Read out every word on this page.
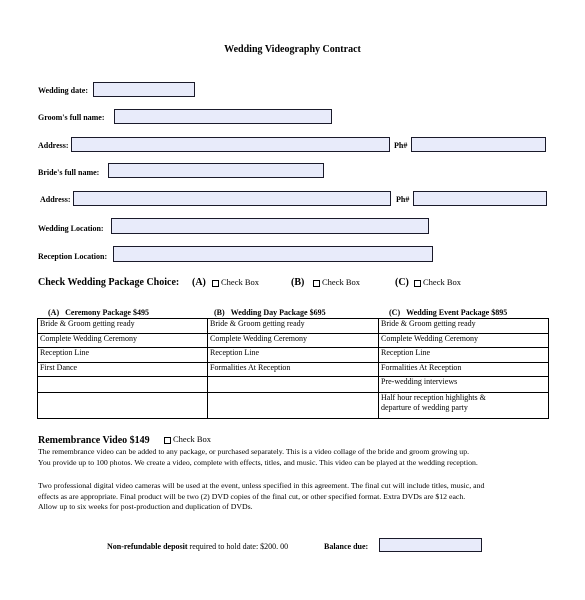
Wedding Videography Contract
Wedding date:
Groom's full name:
Address:	Ph#
Bride's full name:
Address:	Ph#
Wedding Location:
Reception Location:
Check Wedding Package Choice: (A)	Check Box	(B)	Check Box	(C)	Check Box
(A) Ceremony Package $495	(B) Wedding Day Package $695	(C) Wedding Event Package $895
Bride & Groom getting ready	Bride & Groom getting ready	Bride & Groom getting ready
Complete Wedding Ceremony	Complete Wedding Ceremony	Complete Wedding Ceremony
Reception Line	Reception Line	Reception Line
First Dance	Formalities At Reception	Formalities At Reception
		Pre-wedding interviews

		Half hour reception highlights &
departure of wedding party
Remembrance Video $149	Check Box
The remembrance video can be added to any package, or purchased separately. This is a video collage of the bride and groom growing up.
You provide up to 100 photos. We create a video, complete with effects, titles, and music. This video can be played at the wedding reception.
Two professional digital video cameras will be used at the event, unless specified in this agreement. The final cut will include titles, music, and
effects as are appropriate. Final product will be two (2) DVD copies of the final cut, or other specified format. Extra DVDs are $12 each.
Allow up to six weeks for post-production and duplication of DVDs.
Non-refundable deposit required to hold date: $200. 00	Balance due:
